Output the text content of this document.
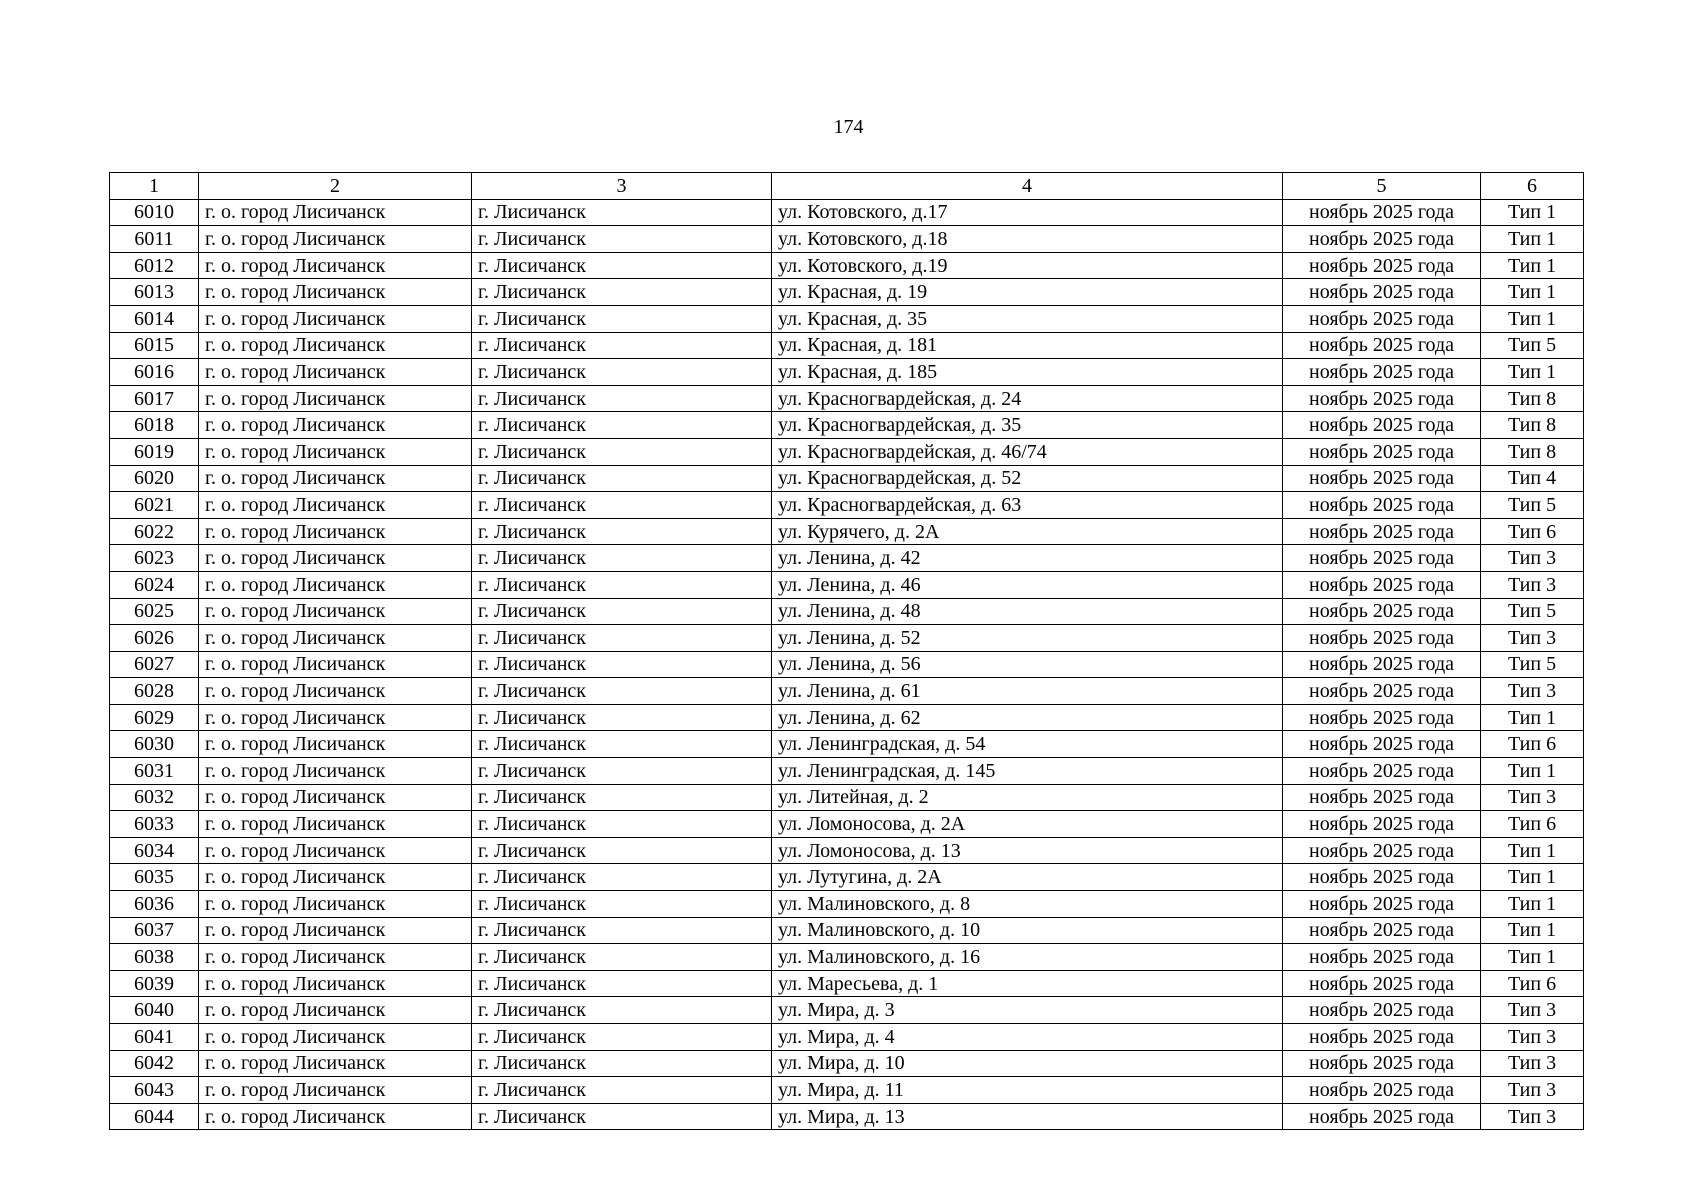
174
1	2	3	4	5	6
6010	г. о. город Лисичанск	г. Лисичанск	ул. Котовского, д.17	ноябрь 2025 года	Тип 1
6011	г. о. город Лисичанск	г. Лисичанск	ул. Котовского, д.18	ноябрь 2025 года	Тип 1
6012	г. о. город Лисичанск	г. Лисичанск	ул. Котовского, д.19	ноябрь 2025 года	Тип 1
6013	г. о. город Лисичанск	г. Лисичанск	ул. Красная, д. 19	ноябрь 2025 года	Тип 1
6014	г. о. город Лисичанск	г. Лисичанск	ул. Красная, д. 35	ноябрь 2025 года	Тип 1
6015	г. о. город Лисичанск	г. Лисичанск	ул. Красная, д. 181	ноябрь 2025 года	Тип 5
6016	г. о. город Лисичанск	г. Лисичанск	ул. Красная, д. 185	ноябрь 2025 года	Тип 1
6017	г. о. город Лисичанск	г. Лисичанск	ул. Красногвардейская, д. 24	ноябрь 2025 года	Тип 8
6018	г. о. город Лисичанск	г. Лисичанск	ул. Красногвардейская, д. 35	ноябрь 2025 года	Тип 8
6019	г. о. город Лисичанск	г. Лисичанск	ул. Красногвардейская, д. 46/74	ноябрь 2025 года	Тип 8
6020	г. о. город Лисичанск	г. Лисичанск	ул. Красногвардейская, д. 52	ноябрь 2025 года	Тип 4
6021	г. о. город Лисичанск	г. Лисичанск	ул. Красногвардейская, д. 63	ноябрь 2025 года	Тип 5
6022	г. о. город Лисичанск	г. Лисичанск	ул. Курячего, д. 2А	ноябрь 2025 года	Тип 6
6023	г. о. город Лисичанск	г. Лисичанск	ул. Ленина, д. 42	ноябрь 2025 года	Тип 3
6024	г. о. город Лисичанск	г. Лисичанск	ул. Ленина, д. 46	ноябрь 2025 года	Тип 3
6025	г. о. город Лисичанск	г. Лисичанск	ул. Ленина, д. 48	ноябрь 2025 года	Тип 5
6026	г. о. город Лисичанск	г. Лисичанск	ул. Ленина, д. 52	ноябрь 2025 года	Тип 3
6027	г. о. город Лисичанск	г. Лисичанск	ул. Ленина, д. 56	ноябрь 2025 года	Тип 5
6028	г. о. город Лисичанск	г. Лисичанск	ул. Ленина, д. 61	ноябрь 2025 года	Тип 3
6029	г. о. город Лисичанск	г. Лисичанск	ул. Ленина, д. 62	ноябрь 2025 года	Тип 1
6030	г. о. город Лисичанск	г. Лисичанск	ул. Ленинградская, д. 54	ноябрь 2025 года	Тип 6
6031	г. о. город Лисичанск	г. Лисичанск	ул. Ленинградская, д. 145	ноябрь 2025 года	Тип 1
6032	г. о. город Лисичанск	г. Лисичанск	ул. Литейная, д. 2	ноябрь 2025 года	Тип 3
6033	г. о. город Лисичанск	г. Лисичанск	ул. Ломоносова, д. 2А	ноябрь 2025 года	Тип 6
6034	г. о. город Лисичанск	г. Лисичанск	ул. Ломоносова, д. 13	ноябрь 2025 года	Тип 1
6035	г. о. город Лисичанск	г. Лисичанск	ул. Лутугина, д. 2А	ноябрь 2025 года	Тип 1
6036	г. о. город Лисичанск	г. Лисичанск	ул. Малиновского, д. 8	ноябрь 2025 года	Тип 1
6037	г. о. город Лисичанск	г. Лисичанск	ул. Малиновского, д. 10	ноябрь 2025 года	Тип 1
6038	г. о. город Лисичанск	г. Лисичанск	ул. Малиновского, д. 16	ноябрь 2025 года	Тип 1
6039	г. о. город Лисичанск	г. Лисичанск	ул. Маресьева, д. 1	ноябрь 2025 года	Тип 6
6040	г. о. город Лисичанск	г. Лисичанск	ул. Мира, д. 3	ноябрь 2025 года	Тип 3
6041	г. о. город Лисичанск	г. Лисичанск	ул. Мира, д. 4	ноябрь 2025 года	Тип 3
6042	г. о. город Лисичанск	г. Лисичанск	ул. Мира, д. 10	ноябрь 2025 года	Тип 3
6043	г. о. город Лисичанск	г. Лисичанск	ул. Мира, д. 11	ноябрь 2025 года	Тип 3
6044	г. о. город Лисичанск	г. Лисичанск	ул. Мира, д. 13	ноябрь 2025 года	Тип 3
